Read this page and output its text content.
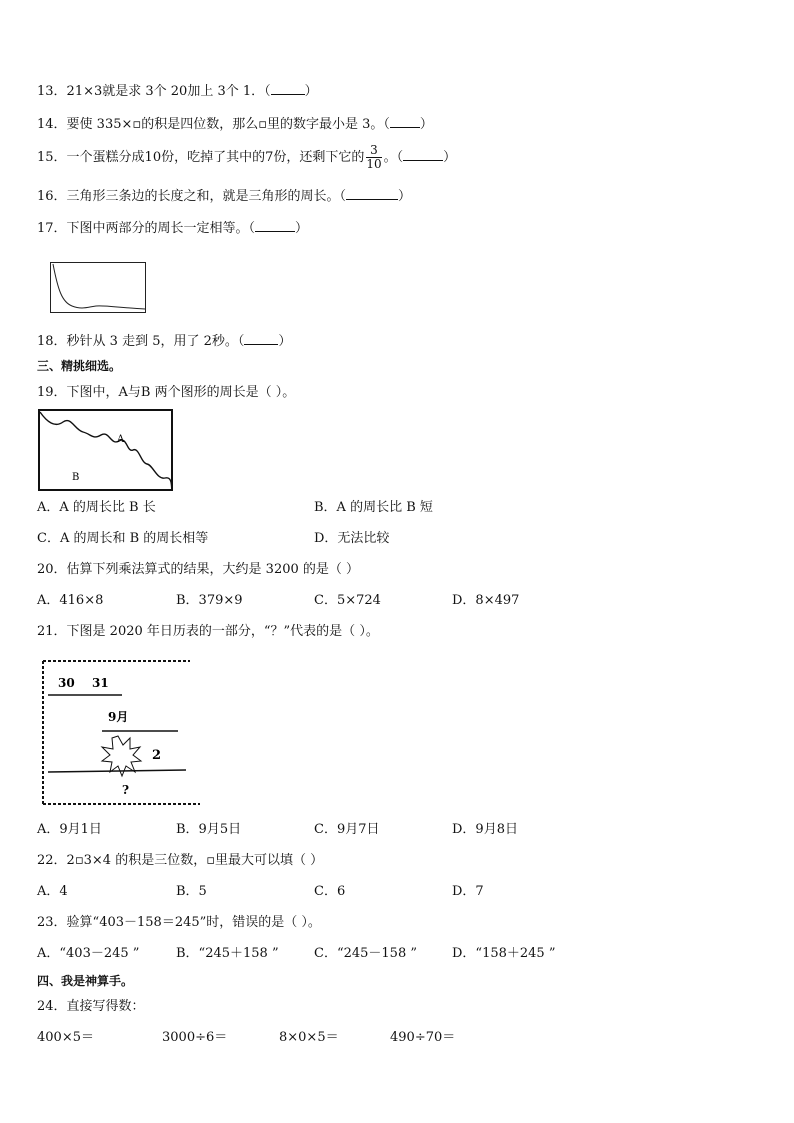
13．21×3就是求 3个 20加上 3个 1．（	）
14．要使 335×▫的积是四位数，那么▫里的数字最小是 3。（ ）
15．一个蛋糕分成10份，吃掉了其中的7份，还剩下它的 $\frac{3}{10}$ 。（	）
16．三角形三条边的长度之和，就是三角形的周长。（	）
17．下图中两部分的周长一定相等。（	）
18．秒针从 3 走到 5，用了 2秒。（	）
三、精挑细选。
19．下图中，A与B 两个图形的周长是（ ）。
A
B
A．A 的周长比 B 长	B．A 的周长比 B 短
C．A 的周长和 B 的周长相等	D．无法比较
20．估算下列乘法算式的结果，大约是 3200 的是（ ）
A．416×8	B．379×9	C．5×724	D．8×497
21．下图是 2020 年日历表的一部分，“？”代表的是（ ）。
30 31
9月
2
?
A．9月1日	B．9月5日	C．9月7日	D．9月8日
22．2▫3×4 的积是三位数，▫里最大可以填（ ）
A．4	B．5	C．6	D．7
23．验算“403－158＝245”时，错误的是（ ）。
A．“403－245 ”	B．“245＋158 ”	C．“245－158 ”	D．“158＋245 ”
四、我是神算手。
24．直接写得数：
400×5＝	3000÷6＝	8×0×5＝	490÷70＝
